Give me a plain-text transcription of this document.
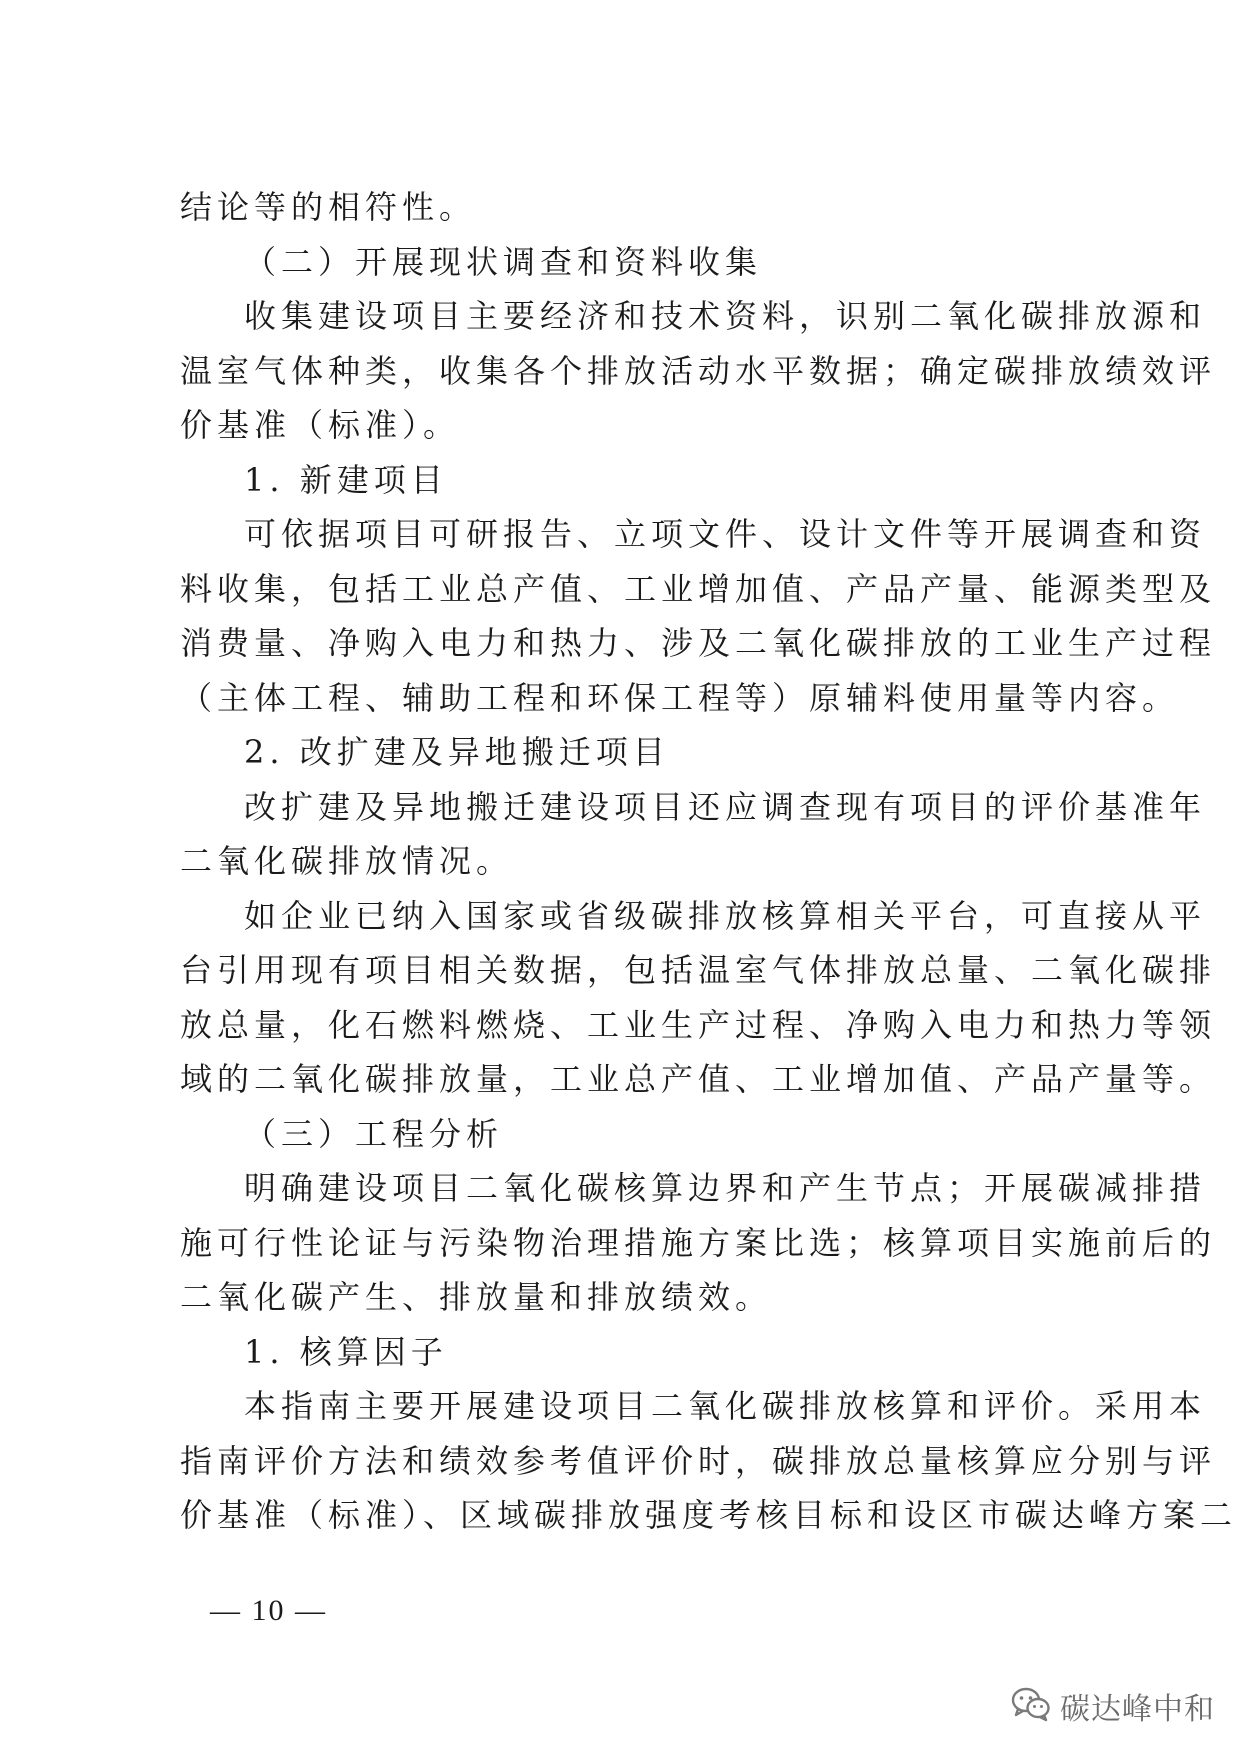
结论等的相符性。
（二）开展现状调查和资料收集
收集建设项目主要经济和技术资料，识别二氧化碳排放源和
温室气体种类，收集各个排放活动水平数据；确定碳排放绩效评
价基准（标准）。
1. 新建项目
可依据项目可研报告、立项文件、设计文件等开展调查和资
料收集，包括工业总产值、工业增加值、产品产量、能源类型及
消费量、净购入电力和热力、涉及二氧化碳排放的工业生产过程
（主体工程、辅助工程和环保工程等）原辅料使用量等内容。
2. 改扩建及异地搬迁项目
改扩建及异地搬迁建设项目还应调查现有项目的评价基准年
二氧化碳排放情况。
如企业已纳入国家或省级碳排放核算相关平台，可直接从平
台引用现有项目相关数据，包括温室气体排放总量、二氧化碳排
放总量，化石燃料燃烧、工业生产过程、净购入电力和热力等领
域的二氧化碳排放量，工业总产值、工业增加值、产品产量等。
（三）工程分析
明确建设项目二氧化碳核算边界和产生节点；开展碳减排措
施可行性论证与污染物治理措施方案比选；核算项目实施前后的
二氧化碳产生、排放量和排放绩效。
1. 核算因子
本指南主要开展建设项目二氧化碳排放核算和评价。采用本
指南评价方法和绩效参考值评价时，碳排放总量核算应分别与评
价基准（标准）、区域碳排放强度考核目标和设区市碳达峰方案二
— 10 —
碳达峰中和
